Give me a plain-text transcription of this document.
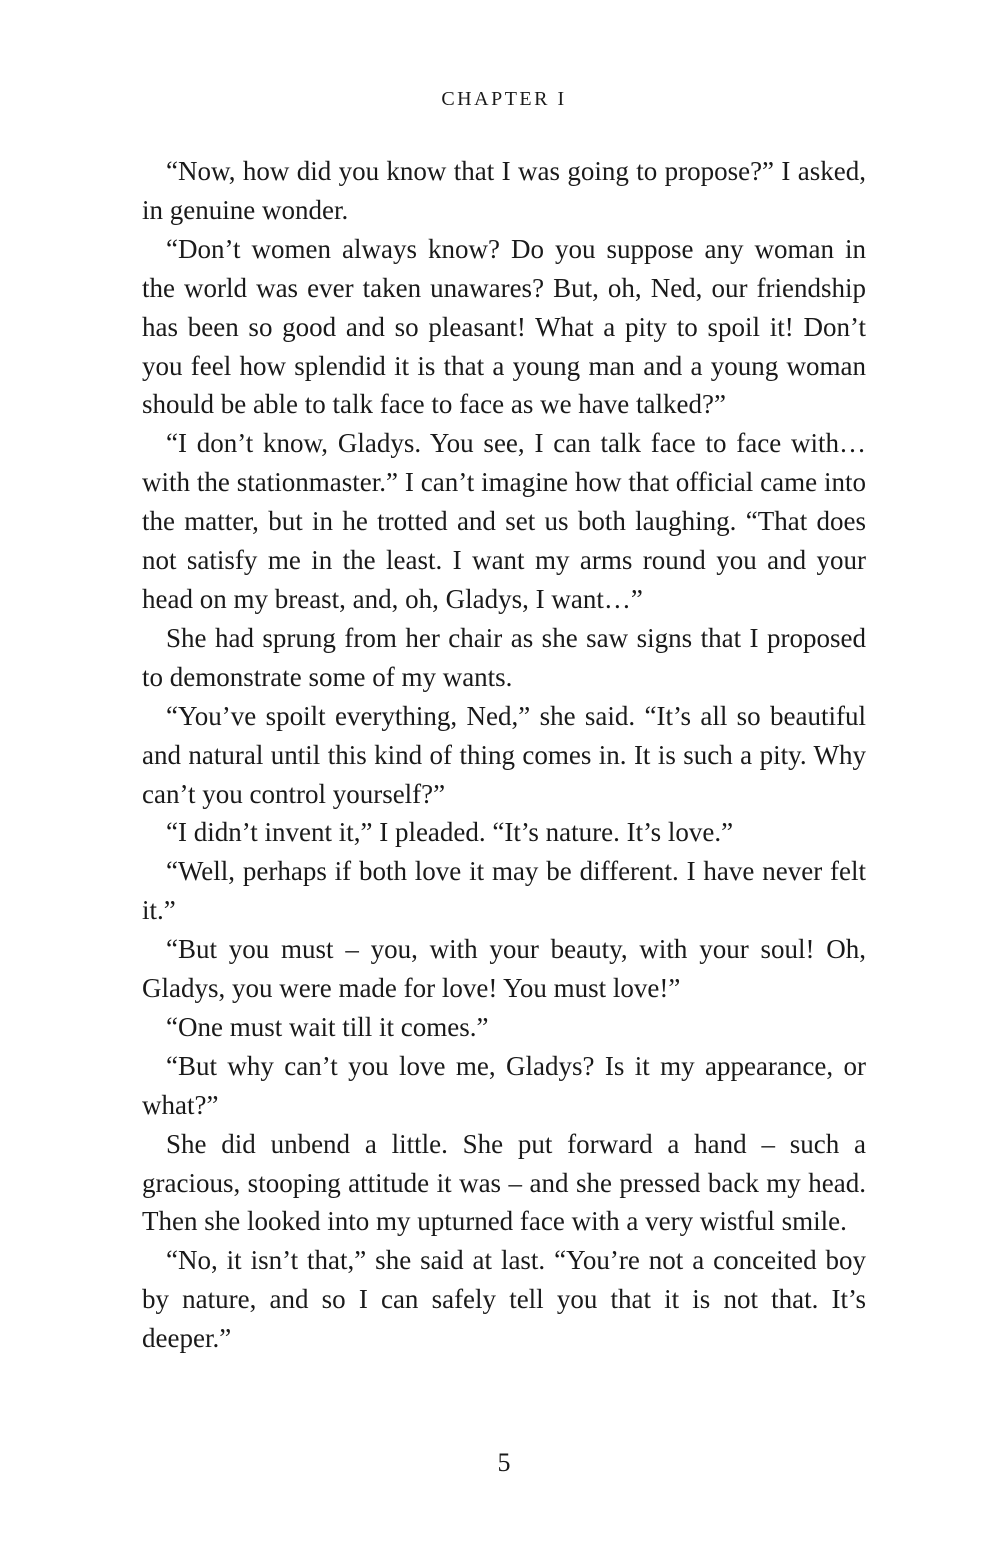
CHAPTER I

“Now, how did you know that I was going to propose?” I asked, in genuine wonder.

“Don’t women always know? Do you suppose any woman in the world was ever taken unawares? But, oh, Ned, our friendship has been so good and so pleasant! What a pity to spoil it! Don’t you feel how splendid it is that a young man and a young woman should be able to talk face to face as we have talked?”

“I don’t know, Gladys. You see, I can talk face to face with… with the stationmaster.” I can’t imagine how that official came into the matter, but in he trotted and set us both laughing. “That does not satisfy me in the least. I want my arms round you and your head on my breast, and, oh, Gladys, I want…”

She had sprung from her chair as she saw signs that I proposed to demonstrate some of my wants.

“You’ve spoilt everything, Ned,” she said. “It’s all so beautiful and natural until this kind of thing comes in. It is such a pity. Why can’t you control yourself?”

“I didn’t invent it,” I pleaded. “It’s nature. It’s love.”

“Well, perhaps if both love it may be different. I have never felt it.”

“But you must – you, with your beauty, with your soul! Oh, Gladys, you were made for love! You must love!”

“One must wait till it comes.”

“But why can’t you love me, Gladys? Is it my appearance, or what?”

She did unbend a little. She put forward a hand – such a gracious, stooping attitude it was – and she pressed back my head. Then she looked into my upturned face with a very wistful smile.

“No, it isn’t that,” she said at last. “You’re not a conceited boy by nature, and so I can safely tell you that it is not that. It’s deeper.”

5
